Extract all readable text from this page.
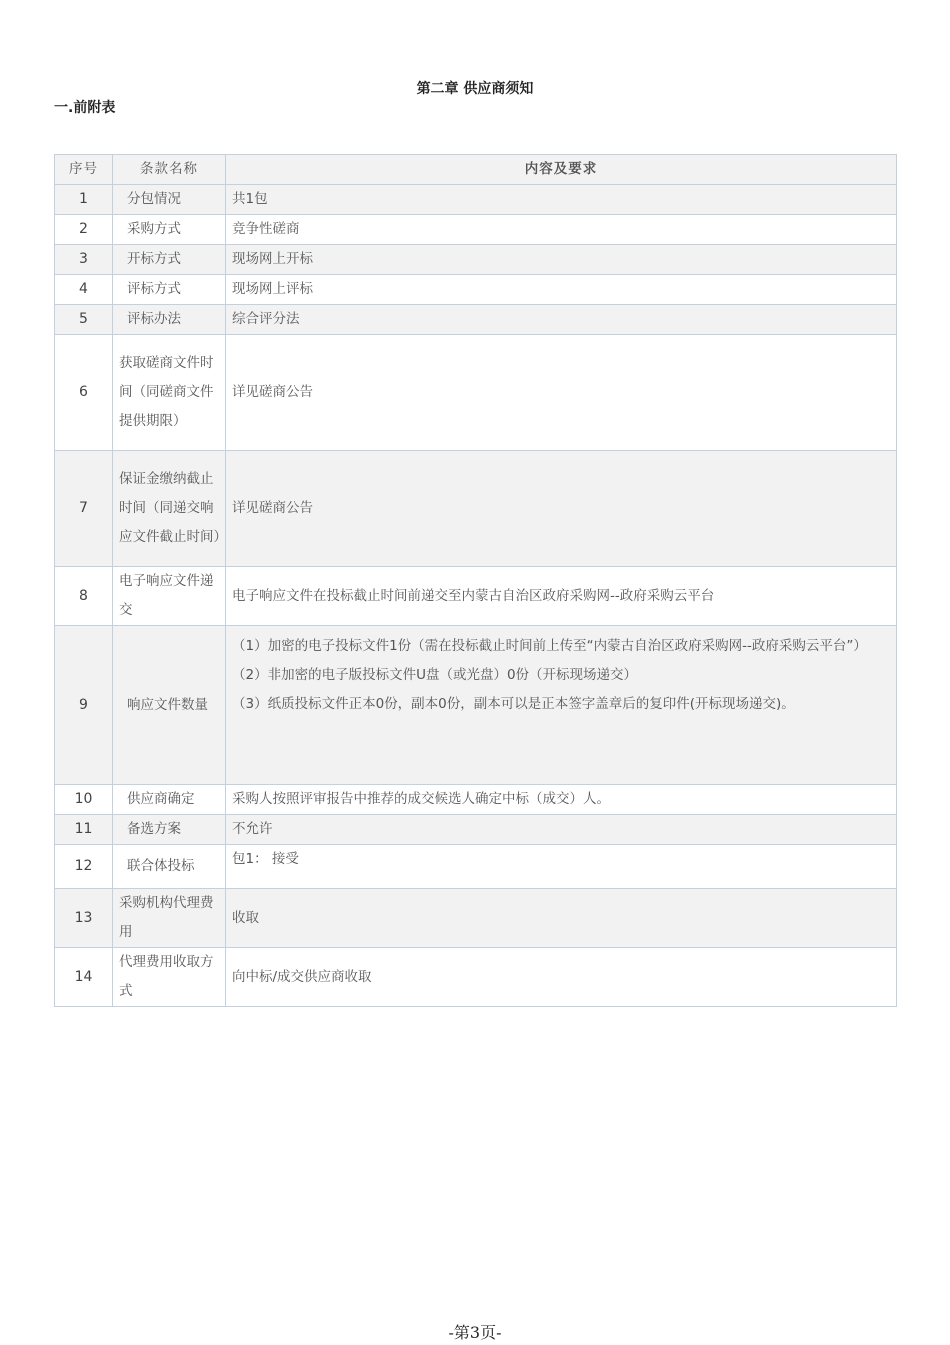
第二章 供应商须知
一.前附表
序号	条款名称	内容及要求
1	分包情况	共1包
2	采购方式	竞争性磋商
3	开标方式	现场网上开标
4	评标方式	现场网上评标
5	评标办法	综合评分法
6	获取磋商文件时间（同磋商文件提供期限）	详见磋商公告
7	保证金缴纳截止时间（同递交响应文件截止时间）	详见磋商公告
8	电子响应文件递交	电子响应文件在投标截止时间前递交至内蒙古自治区政府采购网--政府采购云平台
9	响应文件数量	（1）加密的电子投标文件1份（需在投标截止时间前上传至“内蒙古自治区政府采购网--政府采购云平台”）
（2）非加密的电子版投标文件U盘（或光盘）0份（开标现场递交）
（3）纸质投标文件正本0份，副本0份，副本可以是正本签字盖章后的复印件(开标现场递交)。

10	供应商确定	采购人按照评审报告中推荐的成交候选人确定中标（成交）人。
11	备选方案	不允许
12	联合体投标	包1： 接受
13	采购机构代理费用	收取
14	代理费用收取方式	向中标/成交供应商收取
-第3页-
